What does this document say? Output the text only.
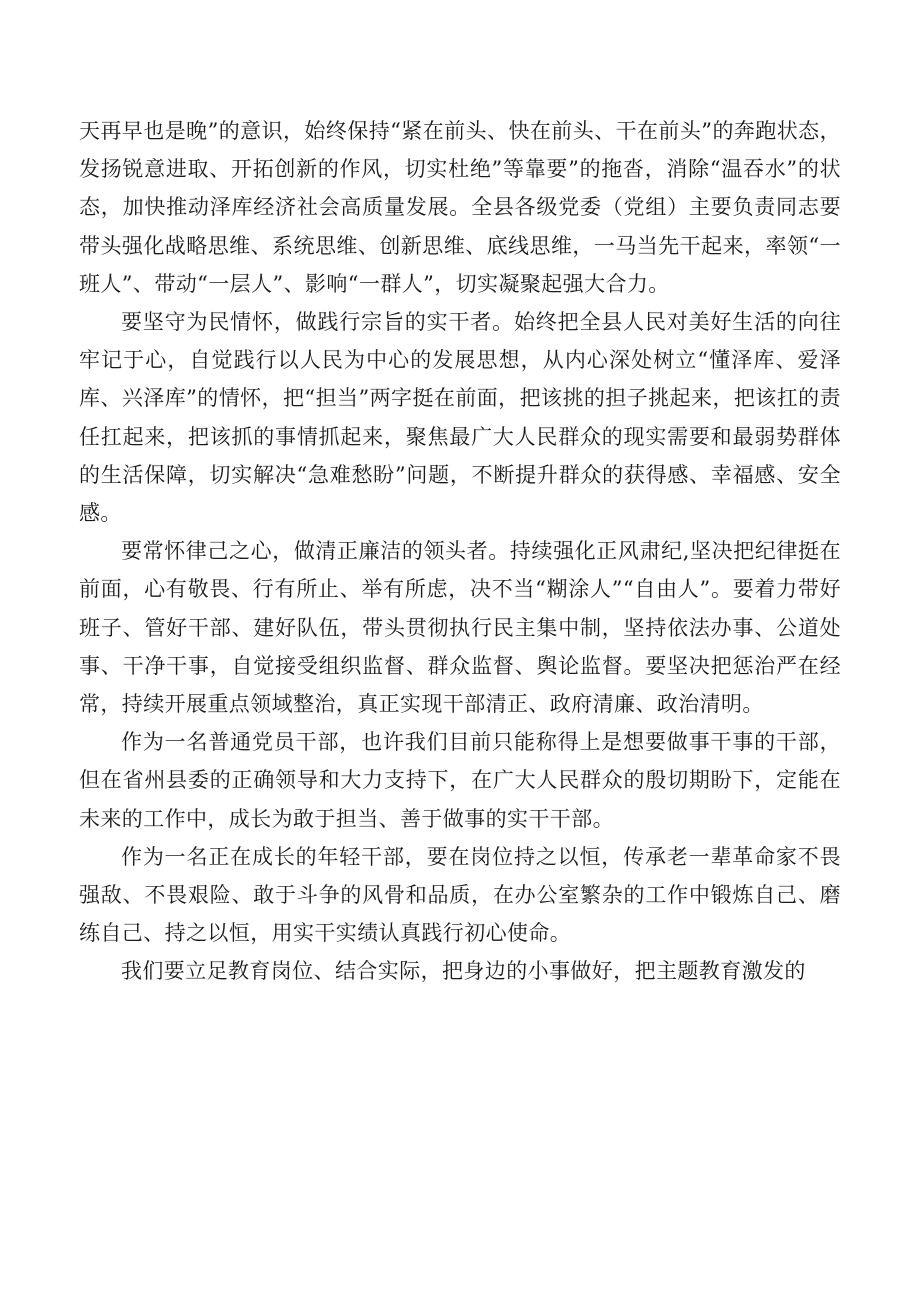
天再早也是晚”的意识，始终保持“紧在前头、快在前头、干在前头”的奔跑状态，发扬锐意进取、开拓创新的作风，切实杜绝”等靠要”的拖沓，消除“温吞水”的状态，加快推动泽库经济社会高质量发展。全县各级党委（党组）主要负责同志要带头强化战略思维、系统思维、创新思维、底线思维，一马当先干起来，率领“一班人”、带动“一层人”、影响“一群人”，切实凝聚起强大合力。

要坚守为民情怀，做践行宗旨的实干者。始终把全县人民对美好生活的向往牢记于心，自觉践行以人民为中心的发展思想，从内心深处树立“懂泽库、爱泽库、兴泽库”的情怀，把“担当”两字挺在前面，把该挑的担子挑起来，把该扛的责任扛起来，把该抓的事情抓起来，聚焦最广大人民群众的现实需要和最弱势群体的生活保障，切实解决“急难愁盼”问题，不断提升群众的获得感、幸福感、安全感。

要常怀律己之心，做清正廉洁的领头者。持续强化正风肃纪,坚决把纪律挺在前面，心有敬畏、行有所止、举有所虑，决不当“糊涂人”“自由人”。要着力带好班子、管好干部、建好队伍，带头贯彻执行民主集中制，坚持依法办事、公道处事、干净干事，自觉接受组织监督、群众监督、舆论监督。要坚决把惩治严在经常，持续开展重点领域整治，真正实现干部清正、政府清廉、政治清明。

作为一名普通党员干部，也许我们目前只能称得上是想要做事干事的干部，但在省州县委的正确领导和大力支持下，在广大人民群众的殷切期盼下，定能在未来的工作中，成长为敢于担当、善于做事的实干干部。

作为一名正在成长的年轻干部，要在岗位持之以恒，传承老一辈革命家不畏强敌、不畏艰险、敢于斗争的风骨和品质，在办公室繁杂的工作中锻炼自己、磨练自己、持之以恒，用实干实绩认真践行初心使命。

我们要立足教育岗位、结合实际，把身边的小事做好，把主题教育激发的
